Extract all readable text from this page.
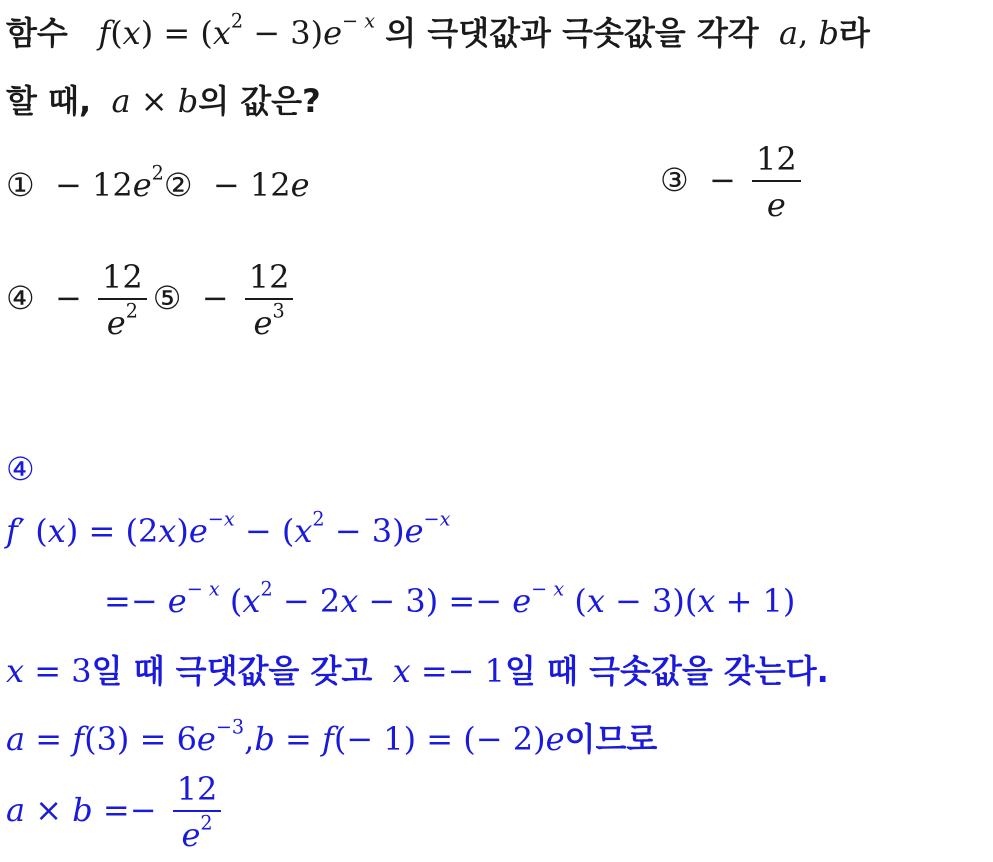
함수   $f(x) = (x^2 - 3)e^{- x}$ 의 극댓값과 극솟값을 각각  a, b라
할 때,  a × b의 값은?
①  − $12e^2② - 12e$	③  − $\frac{12}{e}$
④  − $\frac{12}{e^2}$ ⑤  − $\frac{12}{e^3}$
④
f′ $(x) = (2x)e^{-x} - (x^2 - 3)e^{-x}$
=− $e^{- x}$ $(x^2 - 2x - 3) =- e^{- x}$ (x − 3)(x + 1)
x = 3일 때 극댓값을 갖고  x =− 1일 때 극솟값을 갖는다.
$a = f(3) = 6e^{-3},b = f(- 1)$ = (− 2)e이므로
$a \times b =- \frac{12}{e^2}$
